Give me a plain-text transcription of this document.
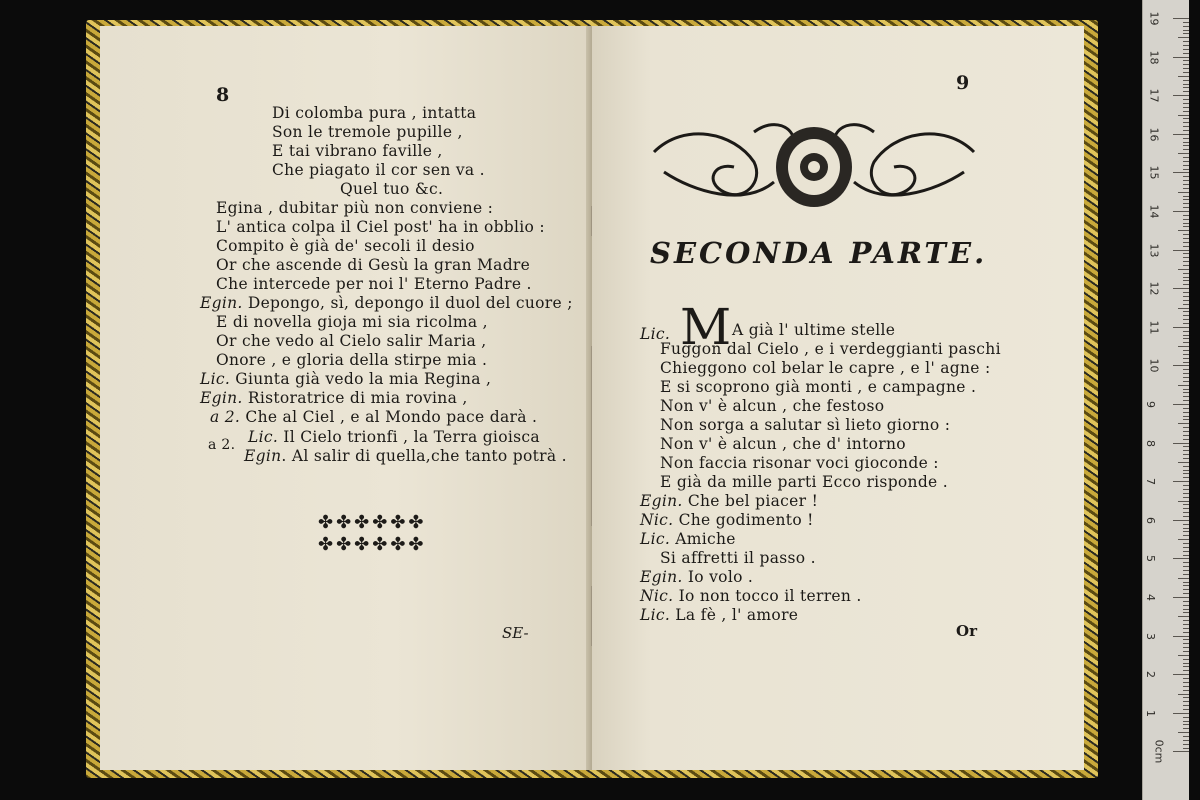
8
Di colomba pura , intatta
Son le tremole pupille ,
E tai vibrano faville ,
Che piagato il cor sen va .
Quel tuo &c.
Egina , dubitar più non conviene :
L' antica colpa il Ciel post' ha in obblio :
Compito è già de' secoli il desio
Or che ascende di Gesù la gran Madre
Che intercede per noi l' Eterno Padre .
Egin. Depongo, sì, depongo il duol del cuore ;
E di novella gioja mi sia ricolma ,
Or che vedo al Cielo salir Maria ,
Onore , e gloria della stirpe mia .
Lic. Giunta già vedo la mia Regina ,
Egin. Ristoratrice di mia rovina ,
a 2. Che al Ciel , e al Mondo pace darà .
Lic. Il Cielo trionfi , la Terra gioisca
a 2.
Egin. Al salir di quella,che tanto potrà .
✤✤✤✤✤✤
✤✤✤✤✤✤
SE-
9
SECONDA PARTE.
M
Lic.	A già l' ultime stelle
Fuggon dal Cielo , e i verdeggianti paschi
Chieggono col belar le capre , e l' agne :
E si scoprono già monti , e campagne .
Non v' è alcun , che festoso
Non sorga a salutar sì lieto giorno :
Non v' è alcun , che d' intorno
Non faccia risonar voci gioconde :
E già da mille parti Ecco risponde .
Egin. Che bel piacer !
Nic. Che godimento !
Lic. Amiche
Si affretti il passo .
Egin. Io volo .
Nic. Io non tocco il terren .
Lic. La fè , l' amore
Or
19
18
17
16
15
14
13
12
11
10
9
8
7
6
5
4
3
2
1
0cm
